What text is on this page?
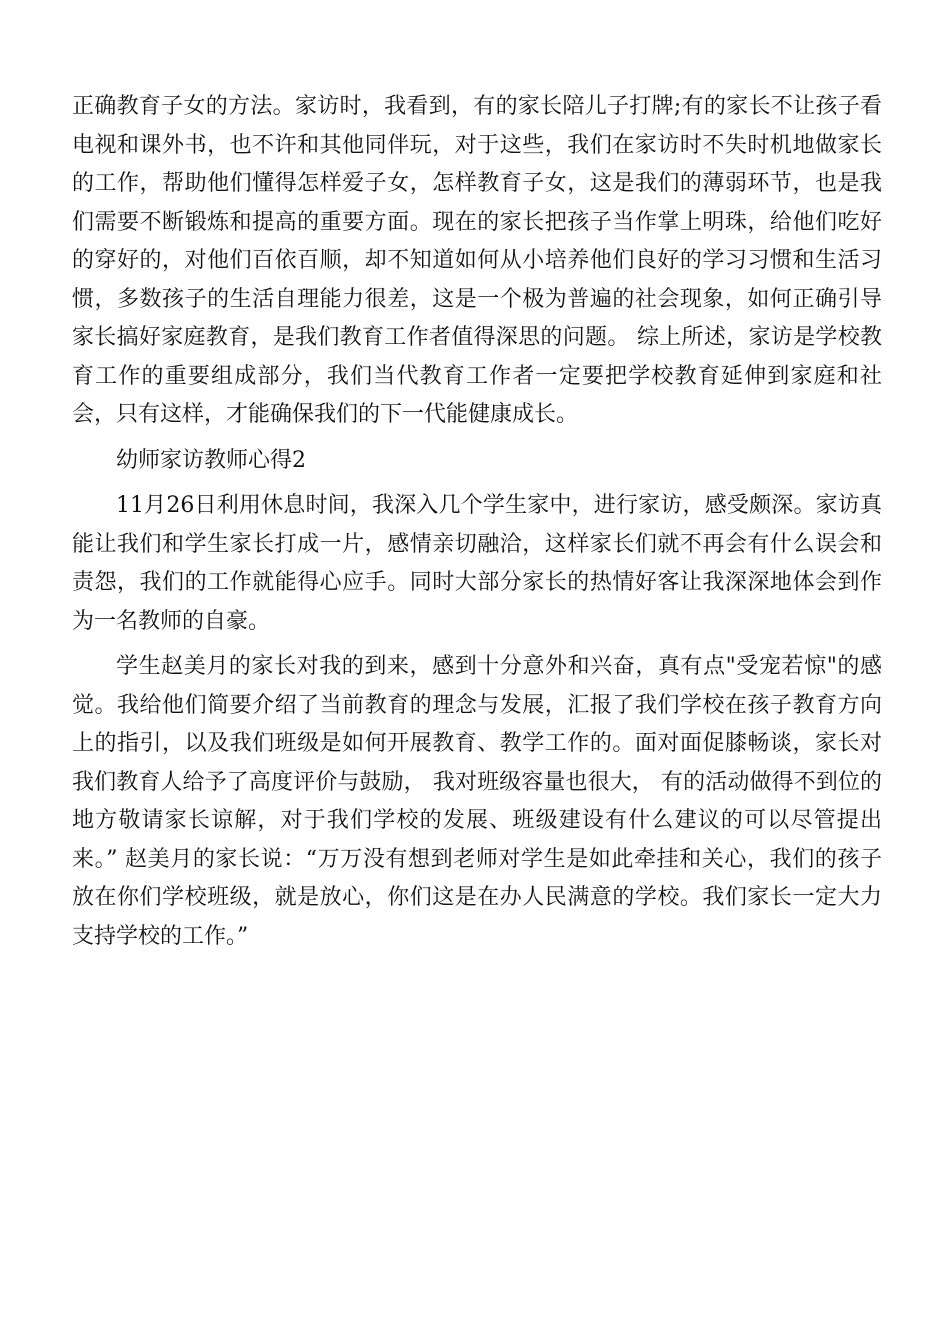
正确教育子女的方法。家访时，我看到，有的家长陪儿子打牌;有的家长不让孩子看电视和课外书，也不许和其他同伴玩，对于这些，我们在家访时不失时机地做家长的工作，帮助他们懂得怎样爱子女，怎样教育子女，这是我们的薄弱环节，也是我们需要不断锻炼和提高的重要方面。现在的家长把孩子当作掌上明珠，给他们吃好的穿好的，对他们百依百顺，却不知道如何从小培养他们良好的学习习惯和生活习惯，多数孩子的生活自理能力很差，这是一个极为普遍的社会现象，如何正确引导家长搞好家庭教育，是我们教育工作者值得深思的问题。 综上所述，家访是学校教育工作的重要组成部分，我们当代教育工作者一定要把学校教育延伸到家庭和社会，只有这样，才能确保我们的下一代能健康成长。

幼师家访教师心得2

11月26日利用休息时间，我深入几个学生家中，进行家访，感受颇深。家访真能让我们和学生家长打成一片，感情亲切融洽，这样家长们就不再会有什么误会和责怨，我们的工作就能得心应手。同时大部分家长的热情好客让我深深地体会到作为一名教师的自豪。

学生赵美月的家长对我的到来，感到十分意外和兴奋，真有点"受宠若惊"的感觉。我给他们简要介绍了当前教育的理念与发展，汇报了我们学校在孩子教育方向上的指引，以及我们班级是如何开展教育、教学工作的。面对面促膝畅谈，家长对我们教育人给予了高度评价与鼓励， 我对班级容量也很大， 有的活动做得不到位的地方敬请家长谅解，对于我们学校的发展、班级建设有什么建议的可以尽管提出来。” 赵美月的家长说：“万万没有想到老师对学生是如此牵挂和关心，我们的孩子放在你们学校班级，就是放心，你们这是在办人民满意的学校。我们家长一定大力支持学校的工作。”
